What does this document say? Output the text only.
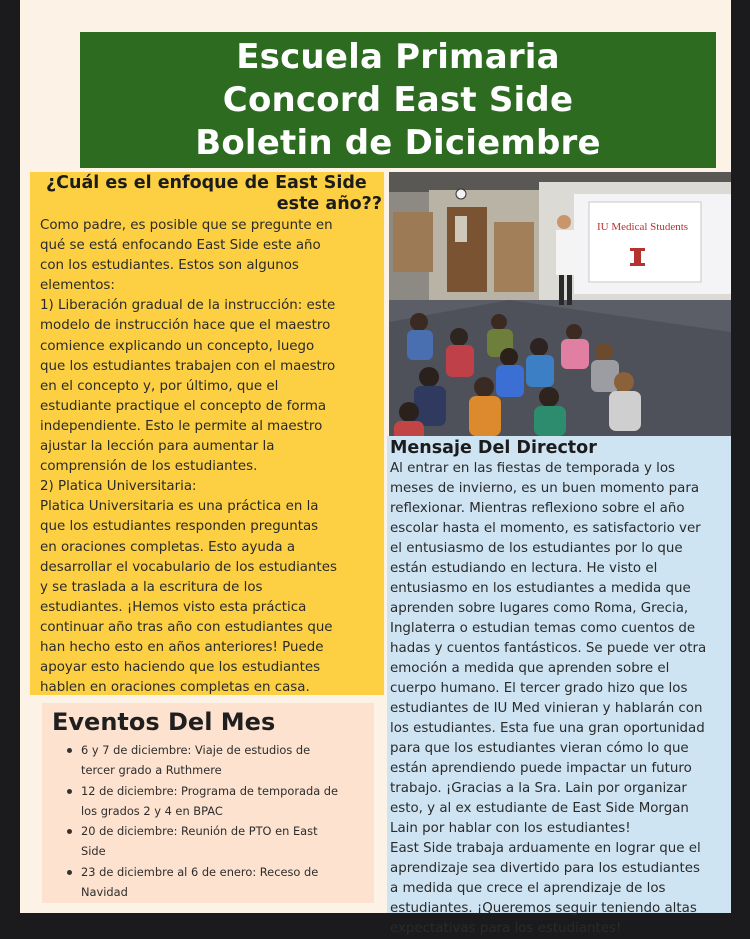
Escuela Primaria
Concord East Side
Boletin de Diciembre
¿Cuál es el enfoque de East Side
este año??

Como padre, es posible que se pregunte en
qué se está enfocando East Side este año
con los estudiantes. Estos son algunos
elementos:
1) Liberación gradual de la instrucción: este
modelo de instrucción hace que el maestro
comience explicando un concepto, luego
que los estudiantes trabajen con el maestro
en el concepto y, por último, que el
estudiante practique el concepto de forma
independiente. Esto le permite al maestro
ajustar la lección para aumentar la
comprensión de los estudiantes.
2) Platica Universitaria:
Platica Universitaria es una práctica en la
que los estudiantes responden preguntas
en oraciones completas. Esto ayuda a
desarrollar el vocabulario de los estudiantes
y se traslada a la escritura de los
estudiantes. ¡Hemos visto esta práctica
continuar año tras año con estudiantes que
han hecho esto en años anteriores! Puede
apoyar esto haciendo que los estudiantes
hablen en oraciones completas en casa.

IU Medical Students
Mensaje Del Director

Al entrar en las fiestas de temporada y los
meses de invierno, es un buen momento para
reflexionar. Mientras reflexiono sobre el año
escolar hasta el momento, es satisfactorio ver
el entusiasmo de los estudiantes por lo que
están estudiando en lectura. He visto el
entusiasmo en los estudiantes a medida que
aprenden sobre lugares como Roma, Grecia,
Inglaterra o estudian temas como cuentos de
hadas y cuentos fantásticos. Se puede ver otra
emoción a medida que aprenden sobre el
cuerpo humano. El tercer grado hizo que los
estudiantes de IU Med vinieran y hablarán con
los estudiantes. Esta fue una gran oportunidad
para que los estudiantes vieran cómo lo que
están aprendiendo puede impactar un futuro
trabajo. ¡Gracias a la Sra. Lain por organizar
esto, y al ex estudiante de East Side Morgan
Lain por hablar con los estudiantes!
East Side trabaja arduamente en lograr que el
aprendizaje sea divertido para los estudiantes
a medida que crece el aprendizaje de los
estudiantes. ¡Queremos seguir teniendo altas
expectativas para los estudiantes!

Eventos Del Mes
6 y 7 de diciembre: Viaje de estudios de tercer grado a Ruthmere
12 de diciembre: Programa de temporada de los grados 2 y 4 en BPAC
20 de diciembre: Reunión de PTO en East Side
23 de diciembre al 6 de enero: Receso de Navidad
